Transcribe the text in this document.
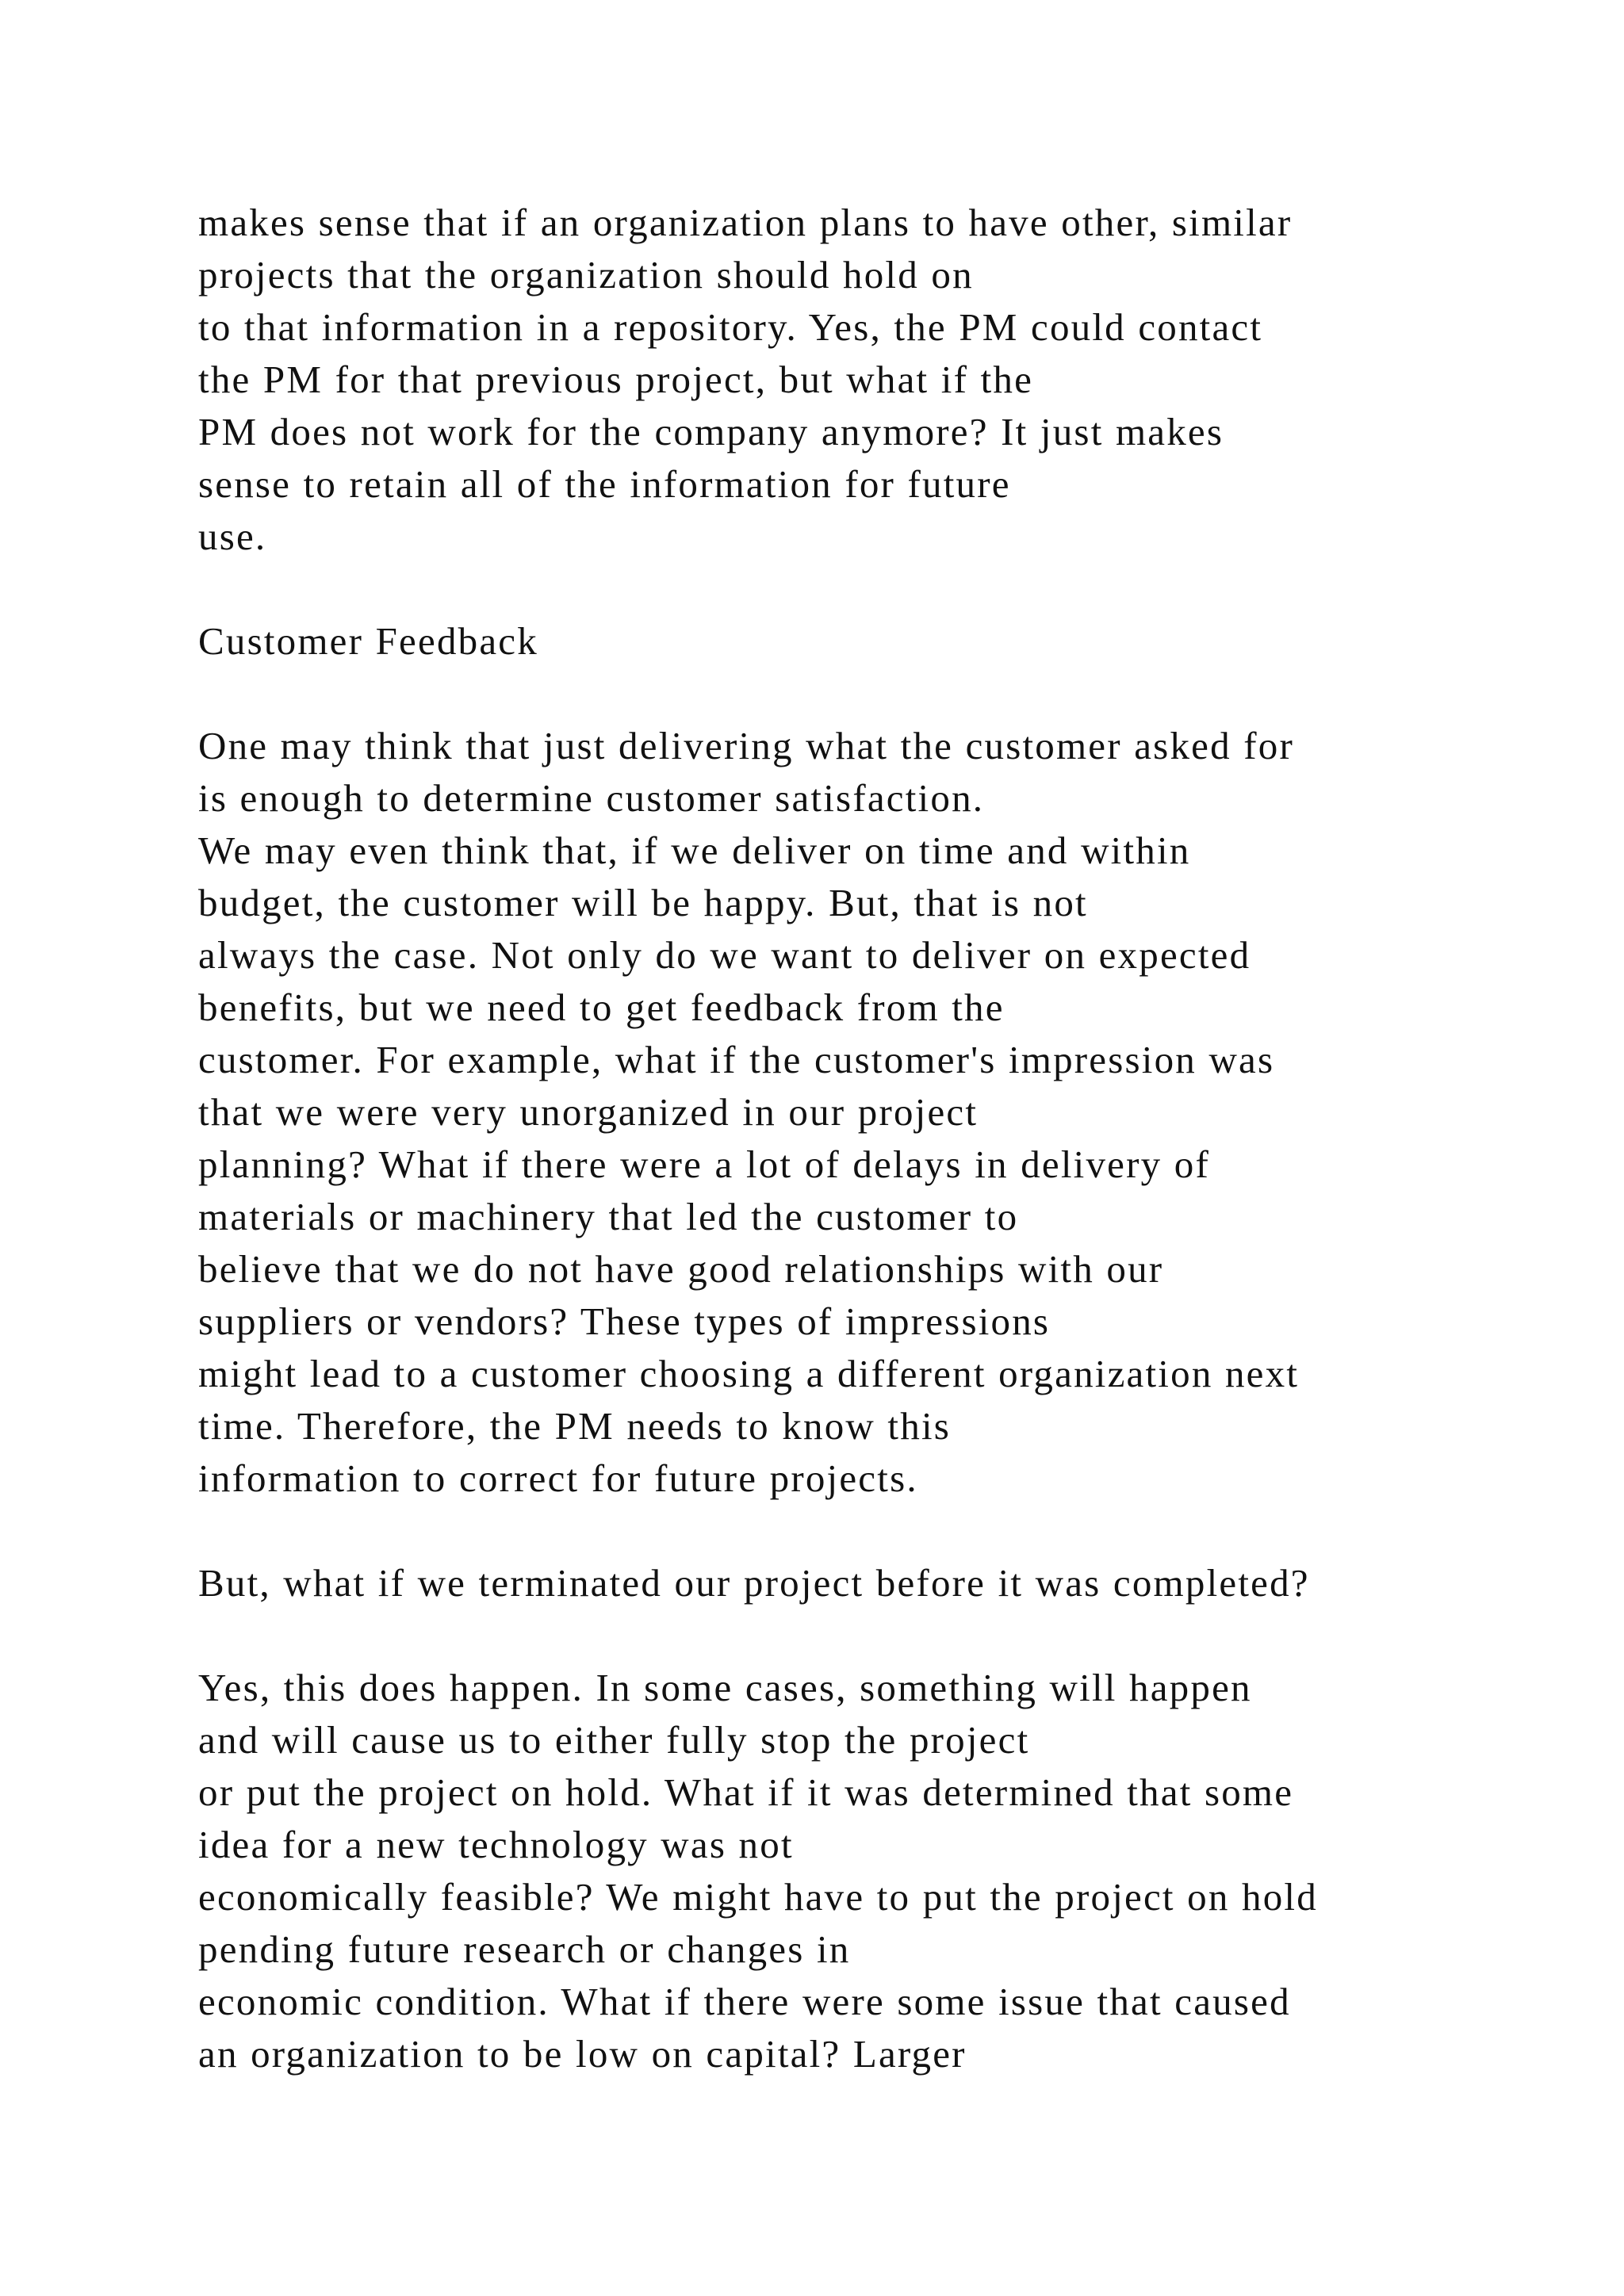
makes sense that if an organization plans to have other, similar
projects that the organization should hold on
to that information in a repository. Yes, the PM could contact
the PM for that previous project, but what if the
PM does not work for the company anymore? It just makes
sense to retain all of the information for future
use.
Customer Feedback
One may think that just delivering what the customer asked for
is enough to determine customer satisfaction.
We may even think that, if we deliver on time and within
budget, the customer will be happy. But, that is not
always the case. Not only do we want to deliver on expected
benefits, but we need to get feedback from the
customer. For example, what if the customer's impression was
that we were very unorganized in our project
planning? What if there were a lot of delays in delivery of
materials or machinery that led the customer to
believe that we do not have good relationships with our
suppliers or vendors? These types of impressions
might lead to a customer choosing a different organization next
time. Therefore, the PM needs to know this
information to correct for future projects.
But, what if we terminated our project before it was completed?
Yes, this does happen. In some cases, something will happen
and will cause us to either fully stop the project
or put the project on hold. What if it was determined that some
idea for a new technology was not
economically feasible? We might have to put the project on hold
pending future research or changes in
economic condition. What if there were some issue that caused
an organization to be low on capital? Larger
